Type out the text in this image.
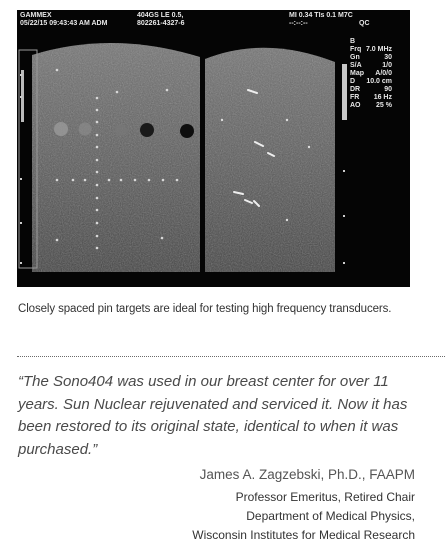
GAMMEX
05/22/15 09:43:43 AM ADM
404GS LE 0.5,
802261-4327-6
MI 0.34 TIs 0.1 M7C
--:--:--	QC
B
Frq 7.0 MHz
Gn	30
S/A	1/0
Map	A/0/0
D	10.0 cm
DR	90
FR	16 Hz
AO	25 %
Closely spaced pin targets are ideal for testing high frequency transducers.

“The Sono404 was used in our breast center for over 11 years. Sun Nuclear rejuvenated and serviced it. Now it has been restored to its original state, identical to when it was purchased.”

James A. Zagzebski, Ph.D., FAAPM
Professor Emeritus, Retired Chair
Department of Medical Physics,
Wisconsin Institutes for Medical Research
